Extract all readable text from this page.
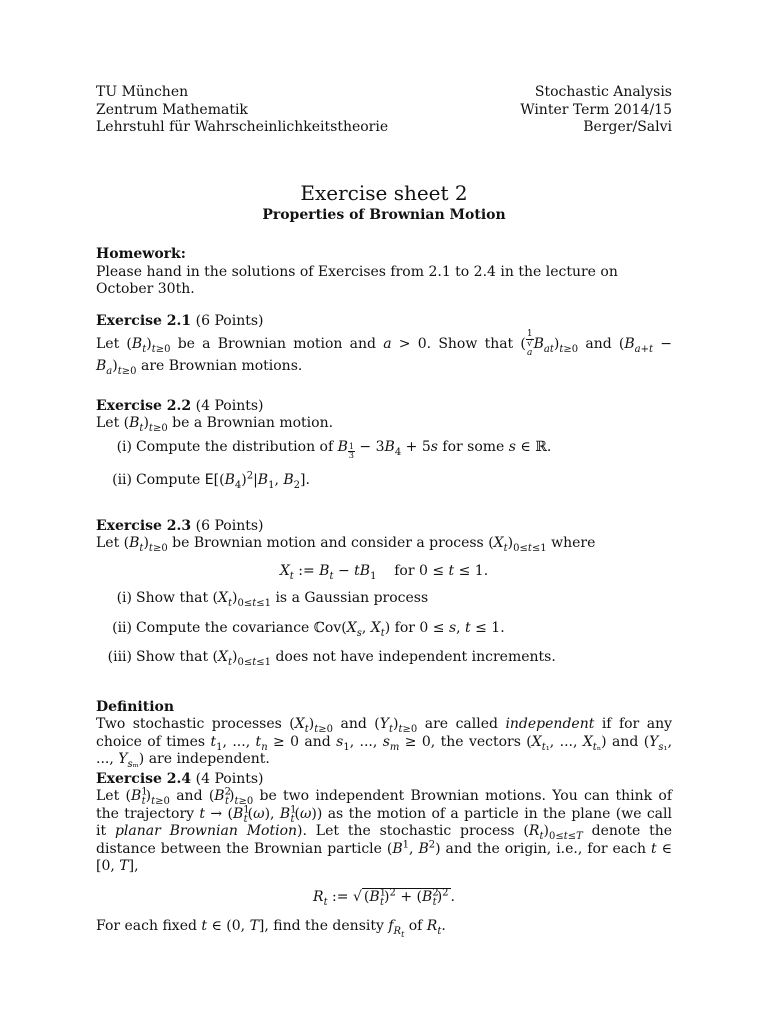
TU München
Zentrum Mathematik
Lehrstuhl für Wahrscheinlichkeitstheorie
Stochastic Analysis
Winter Term 2014/15
Berger/Salvi
Exercise sheet 2
Properties of Brownian Motion
Homework:
Please hand in the solutions of Exercises from 2.1 to 2.4 in the lecture on October 30th.
Exercise 2.1 (6 Points)
Let $(B_t)_{t\ge 0}$ be a Brownian motion and a > 0. Show that ( 1
√
a $B_{at})_{t\ge 0}$ and $(B_{a+t} - B_a)_{t\ge 0}$ are Brownian motions.
Exercise 2.2 (4 Points)
Let $(B_t)_{t\ge 0}$ be a Brownian motion.
(i) Compute the distribution of B $_{\frac{1}{3}} - 3B_4 + 5s$ for some s ∈ ℝ.
(ii) Compute $E[(B_4)^2|B_1$, $B_2$].
Exercise 2.3 (6 Points)
Let $(B_t)_{t\ge 0}$ be Brownian motion and consider a process $(X_t)_{0\le t\le 1}$ where
$X_t$ := $B_t - tB_1$    for 0 ≤ t ≤ 1.
(i) Show that $(X_t)_{0\le t\le 1}$ is a Gaussian process
(ii) Compute the covariance $ℂov(X_s$, $X_t$) for 0 ≤ s, t ≤ 1.
(iii) Show that $(X_t)_{0\le t\le 1}$ does not have independent increments.
Definition
Two stochastic processes $(X_t)_{t\ge 0}$ and $(Y_t)_{t\ge 0}$ are called independent if for any choice of times $t_1$, ..., $t_n \ge 0$ and $s_1$, ..., $s_m \ge 0$, the vectors ($X_{t_1}$, ..., $X_{t_n}$) and ($Y_{s_1}$, ..., $Y_{s_m}$) are independent.
Exercise 2.4 (4 Points)
Let $(B^1_t)_{t\ge 0}$ and $(B^2_t)_{t\ge 0}$ be two independent Brownian motions. You can think of the trajectory $t \to (B^1_t(\omega)$, $B^1_t(\omega)$) as the motion of a particle in the plane (we call it planar Brownian Motion). Let the stochastic process $(R_t)_{0\le t\le T}$ denote the distance between the Brownian particle ($B^1$, $B^2$) and the origin, i.e., for each t ∈ [0, T],
$R_t$ := √ $(B^1_t)^2 + (B^2_t)^2$ .
For each fixed t ∈ (0, T], find the density $f_{R_t}$ of $R_t$.
